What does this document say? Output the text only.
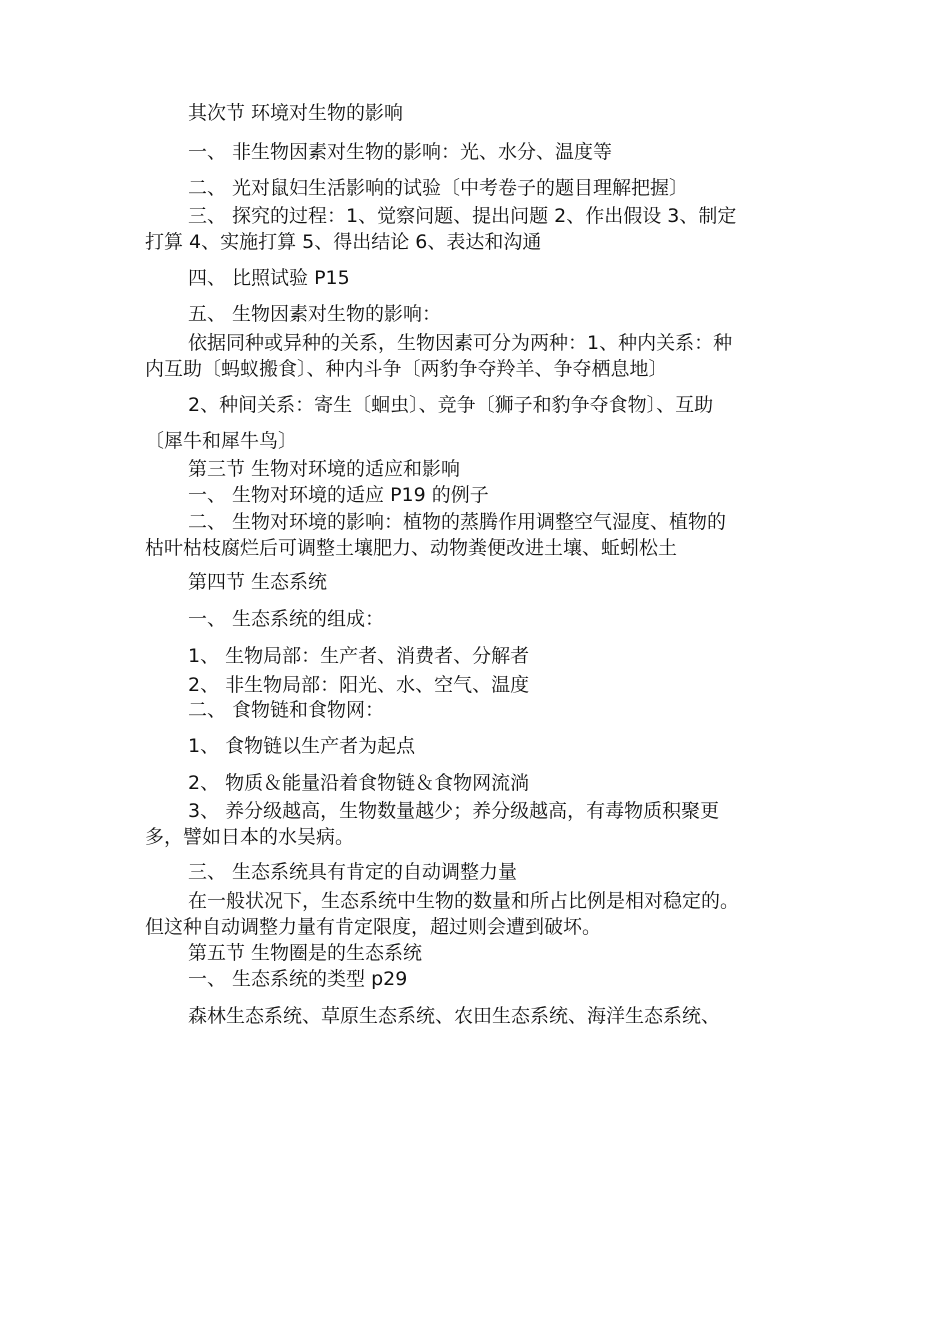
其次节 环境对生物的影响

一、 非生物因素对生物的影响：光、水分、温度等

二、 光对鼠妇生活影响的试验〔中考卷子的题目理解把握〕

三、 探究的过程：1、觉察问题、提出问题 2、作出假设 3、制定

打算 4、实施打算 5、得出结论 6、表达和沟通

四、 比照试验 P15

五、 生物因素对生物的影响：

依据同种或异种的关系，生物因素可分为两种：1、种内关系：种

内互助〔蚂蚁搬食〕、种内斗争〔两豹争夺羚羊、争夺栖息地〕

2、种间关系：寄生〔蛔虫〕、竞争〔狮子和豹争夺食物〕、互助

〔犀牛和犀牛鸟〕

第三节 生物对环境的适应和影响

一、 生物对环境的适应 P19 的例子

二、 生物对环境的影响：植物的蒸腾作用调整空气湿度、植物的

枯叶枯枝腐烂后可调整土壤肥力、动物粪便改进土壤、蚯蚓松土

第四节 生态系统

一、 生态系统的组成：

1、 生物局部：生产者、消费者、分解者

2、 非生物局部：阳光、水、空气、温度

二、 食物链和食物网：

1、 食物链以生产者为起点

2、 物质＆能量沿着食物链＆食物网流淌

3、 养分级越高，生物数量越少；养分级越高，有毒物质积聚更

多，譬如日本的水吴病。

三、 生态系统具有肯定的自动调整力量

在一般状况下，生态系统中生物的数量和所占比例是相对稳定的。

但这种自动调整力量有肯定限度，超过则会遭到破坏。

第五节 生物圈是的生态系统

一、 生态系统的类型 p29

森林生态系统、草原生态系统、农田生态系统、海洋生态系统、
